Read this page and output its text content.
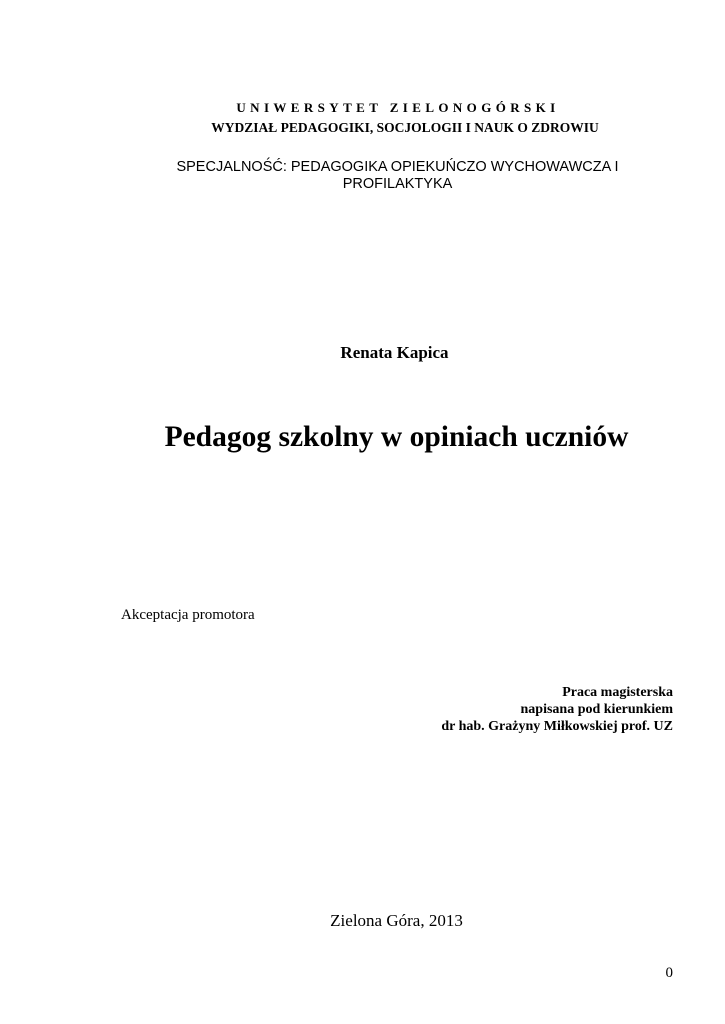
UNIWERSYTET ZIELONOGÓRSKI
WYDZIAŁ PEDAGOGIKI, SOCJOLOGII I NAUK O ZDROWIU
SPECJALNOŚĆ: PEDAGOGIKA OPIEKUŃCZO WYCHOWAWCZA I
PROFILAKTYKA
Renata Kapica
Pedagog szkolny w opiniach uczniów
Akceptacja promotora
Praca magisterska
napisana pod kierunkiem
dr hab. Grażyny Miłkowskiej prof. UZ
Zielona Góra, 2013
0
